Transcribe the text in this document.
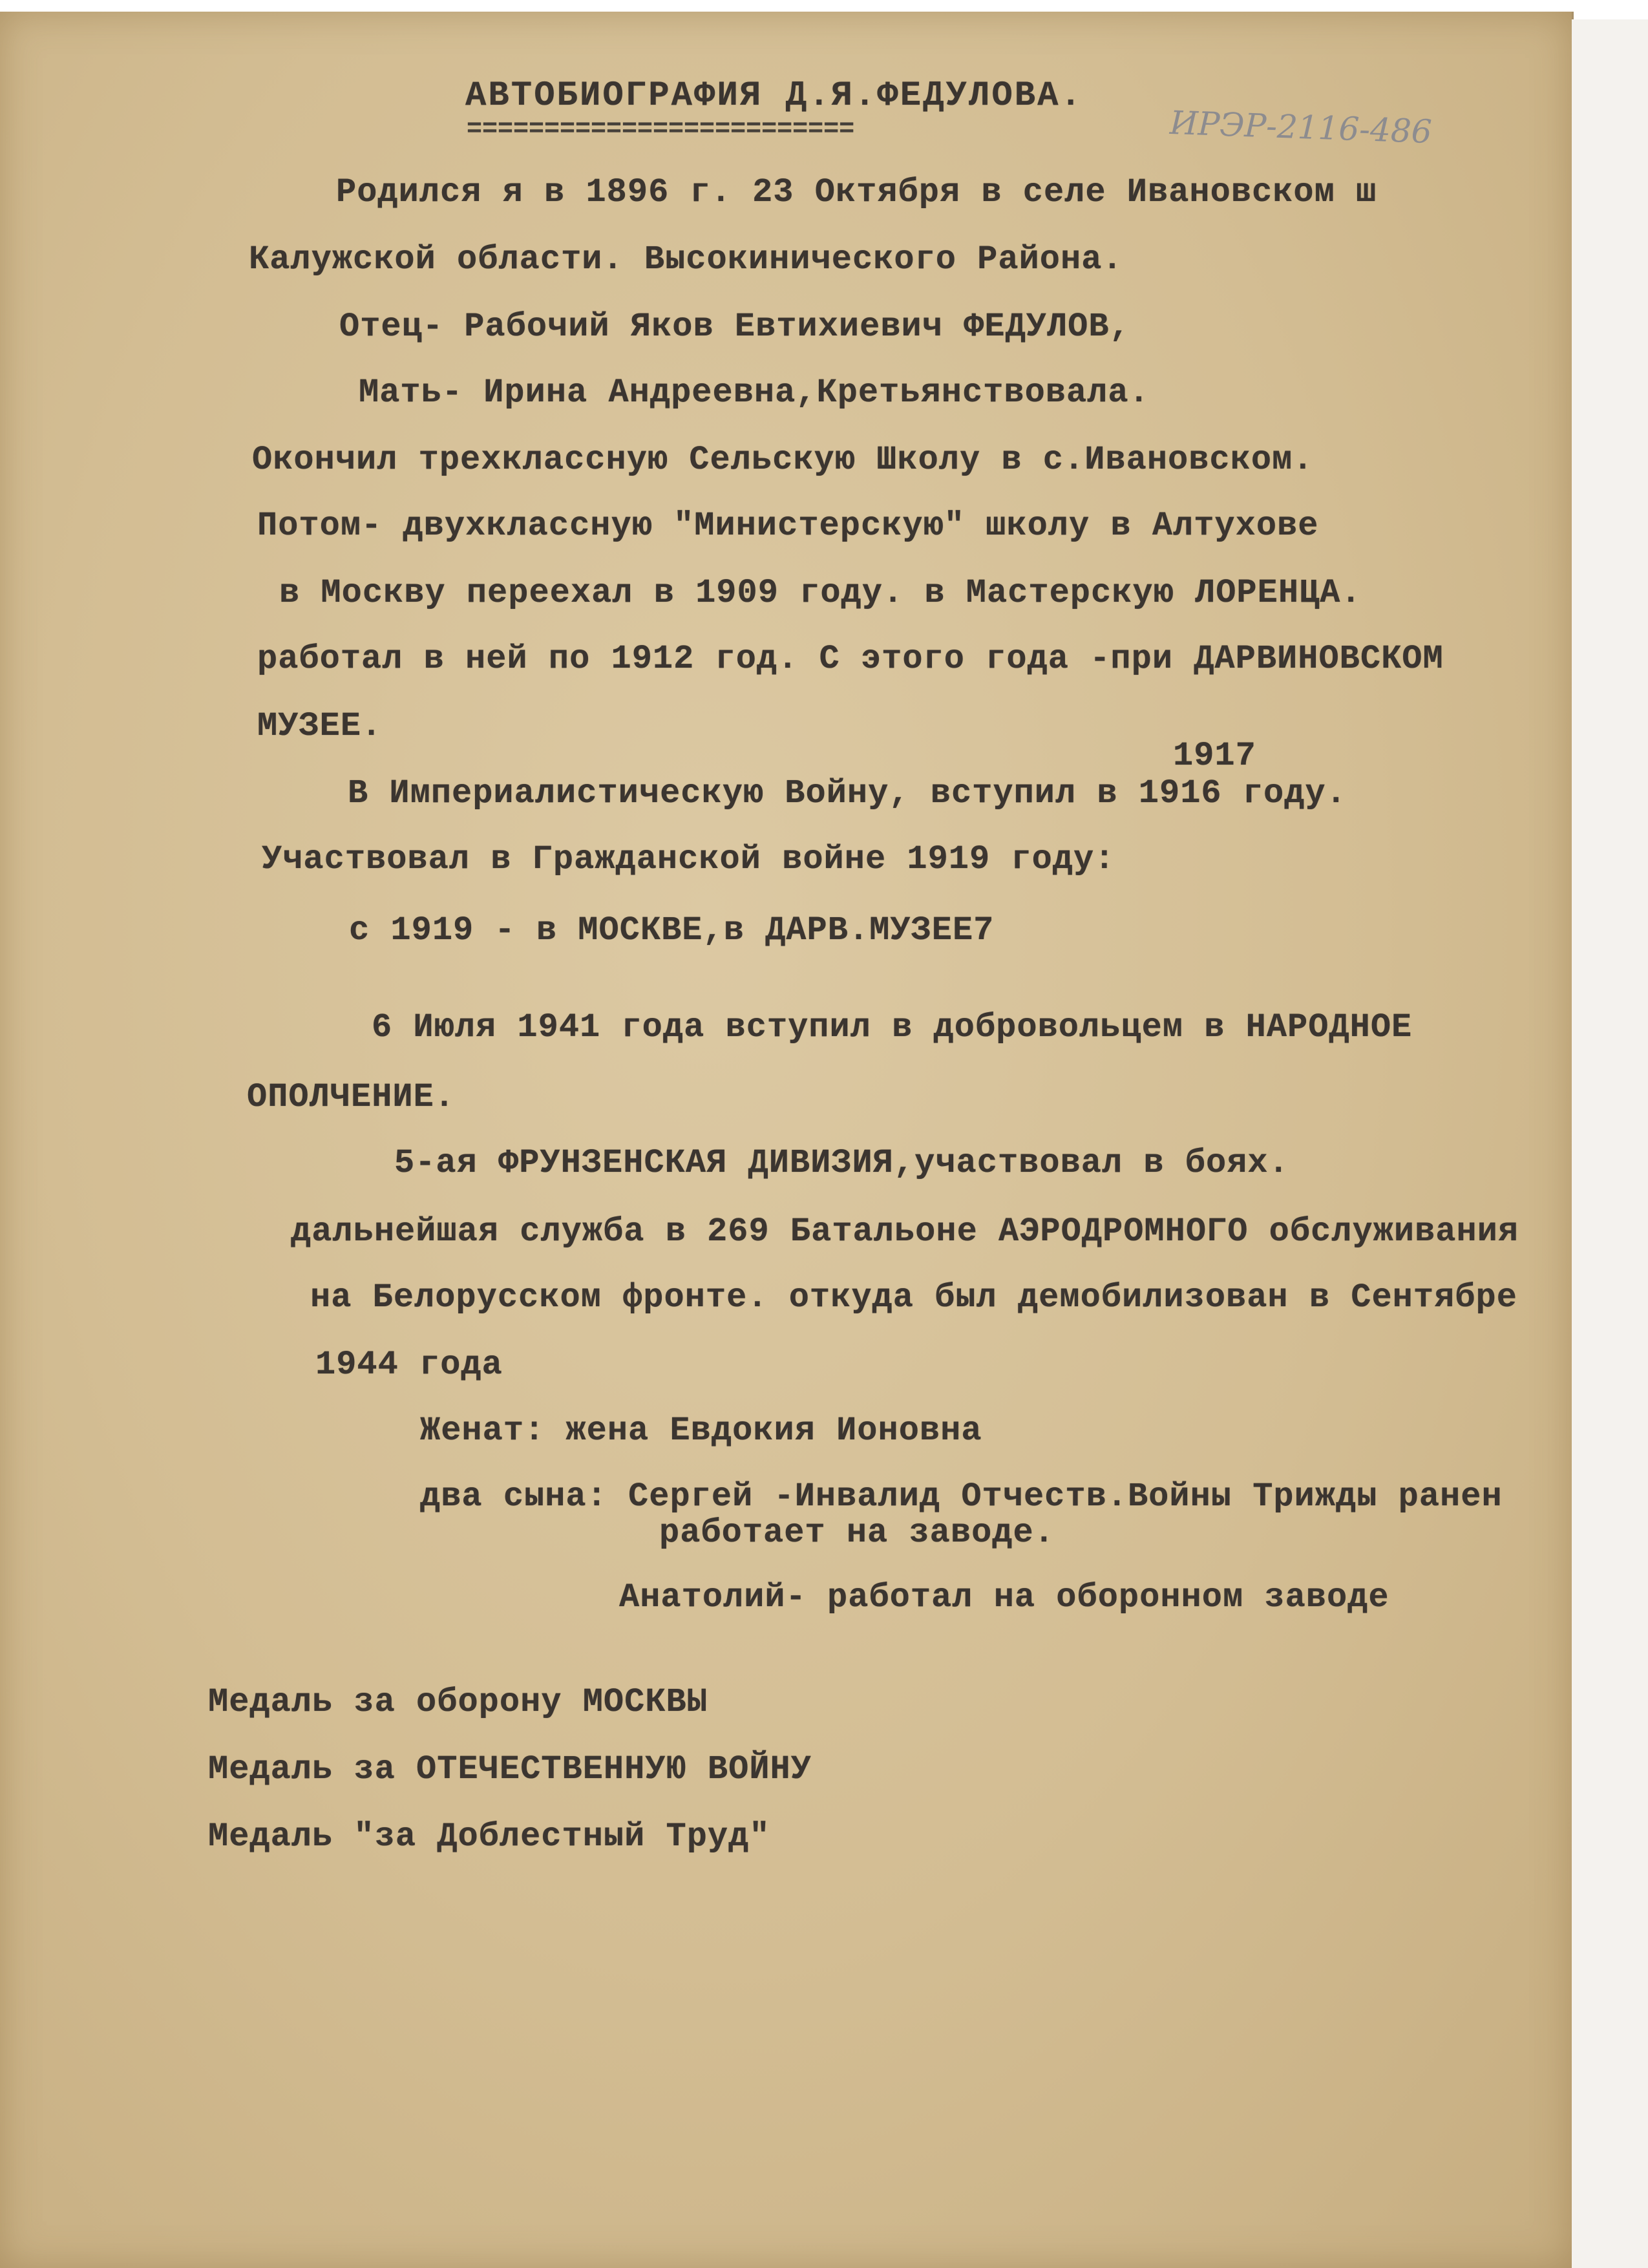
АВТОБИОГРАФИЯ Д.Я.ФЕДУЛОВА.
=========================	ИРЭР-2116-486
Родился я в 1896 г. 23 Октября в селе Ивановском ш
Калужской области. Высокинического Района.
Отец- Рабочий Яков Евтихиевич ФЕДУЛОВ,
Мать- Ирина Андреевна,Кретьянствовала.
Окончил трехклассную Сельскую Школу в с.Ивановском.
Потом- двухклассную "Министерскую" школу в Алтухове
в Москву переехал в 1909 году. в Мастерскую ЛОРЕНЦА.
работал в ней по 1912 год. С этого года -при ДАРВИНОВСКОМ
МУЗЕЕ.
1917
В Империалистическую Войну, вступил в 1916 году.
Участвовал в Гражданской войне 1919 году:
с 1919 - в МОСКВЕ,в ДАРВ.МУЗЕЕ7
6 Июля 1941 года вступил в добровольцем в НАРОДНОЕ
ОПОЛЧЕНИЕ.
5-ая ФРУНЗЕНСКАЯ ДИВИЗИЯ,участвовал в боях.
дальнейшая служба в 269 Батальоне АЭРОДРОМНОГО обслуживания
на Белорусском фронте. откуда был демобилизован в Сентябре
1944 года
Женат: жена Евдокия Ионовна
два сына: Сергей -Инвалид Отчеств.Войны Трижды ранен
работает на заводе.
Анатолий- работал на оборонном заводе
Медаль за оборону МОСКВЫ
Медаль за ОТЕЧЕСТВЕННУЮ ВОЙНУ
Медаль "за Доблестный Труд"
